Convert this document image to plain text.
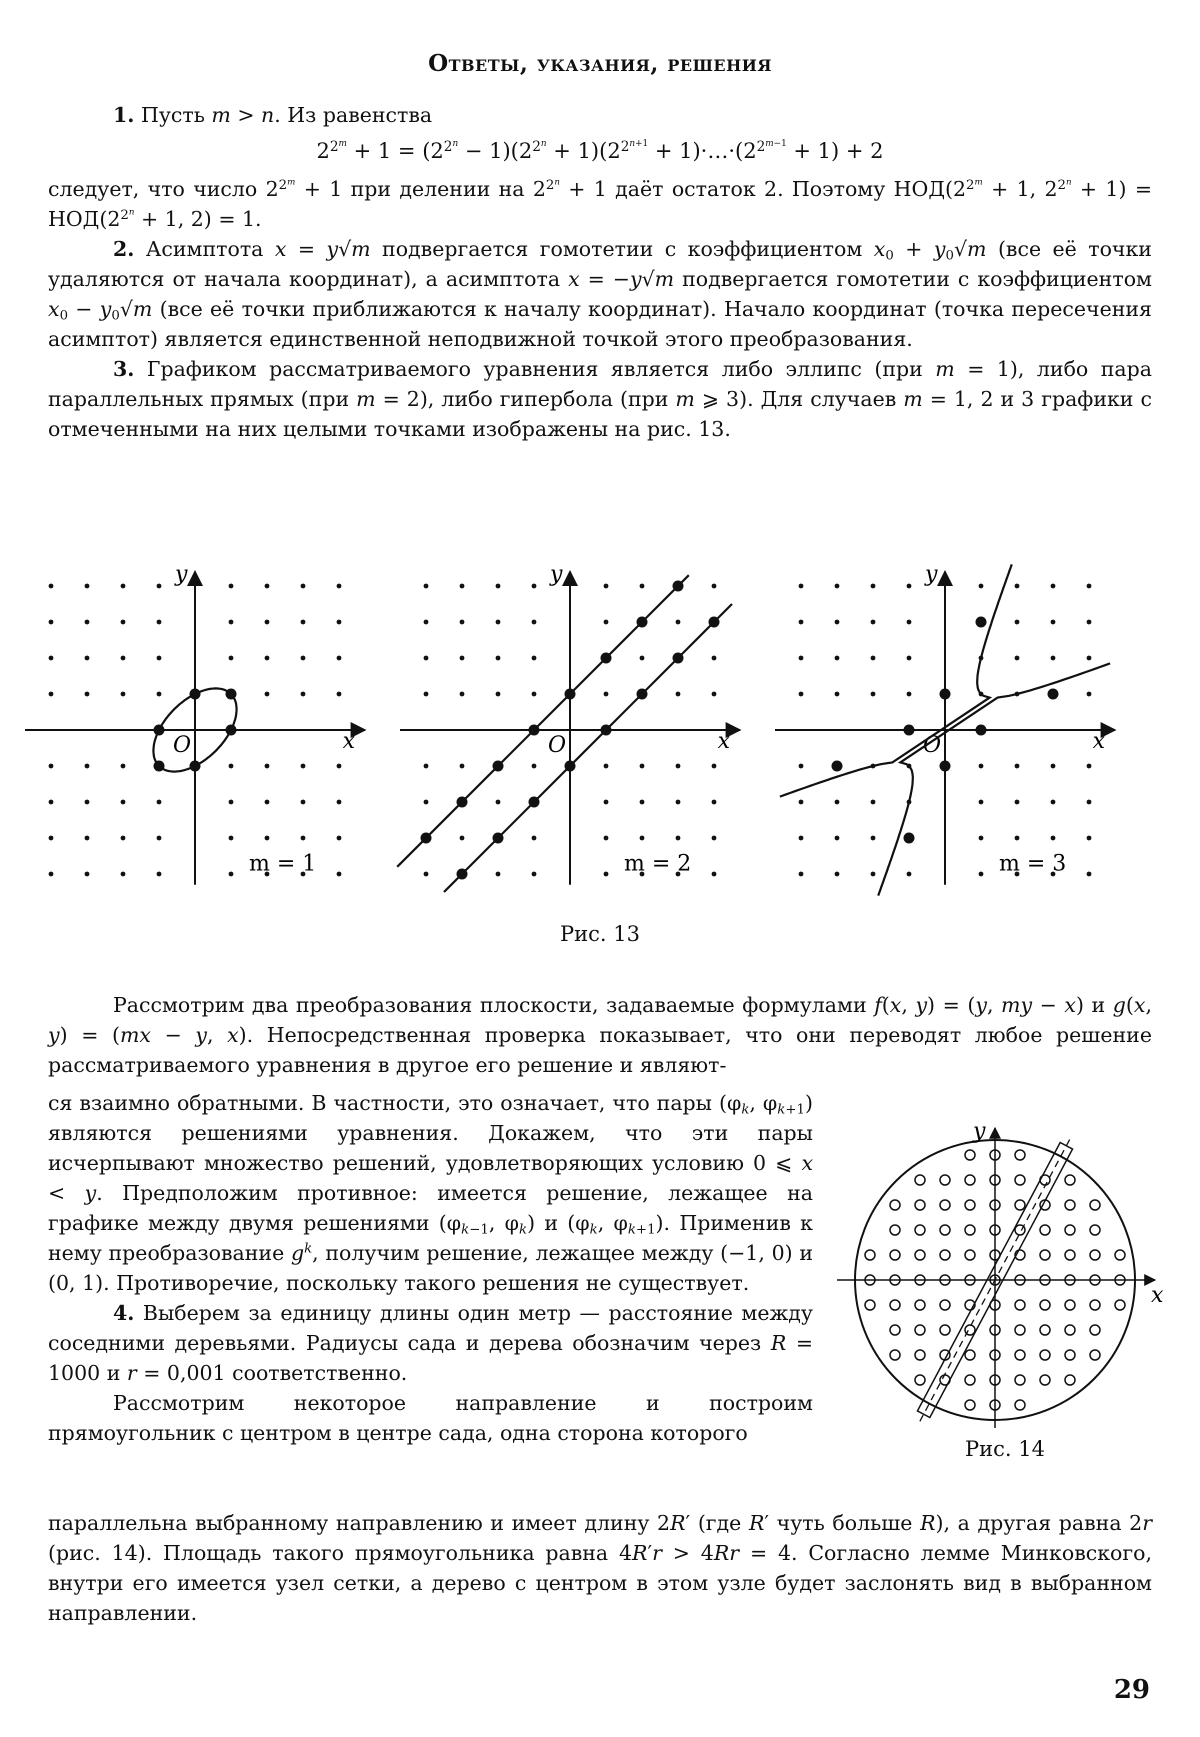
Ответы, указания, решения

1. Пусть m > n. Из равенства

22m + 1 = (22n − 1)(22n + 1)(22n+1 + 1)·…·(22m−1 + 1) + 2

следует, что число 22m + 1 при делении на 22n + 1 даёт остаток 2. Поэтому НОД(22m + 1, 22n + 1) = НОД(22n + 1, 2) = 1.

2. Асимптота x = y√m подвергается гомотетии с коэффициентом x0 + y0√m (все её точки удаляются от начала координат), а асимптота x = −y√m подвергается гомотетии с коэффициентом x0 − y0√m (все её точки приближаются к началу координат). Начало координат (точка пересечения асимптот) является единственной неподвижной точкой этого преобразования.

3. Графиком рассматриваемого уравнения является либо эллипс (при m = 1), либо пара параллельных прямых (при m = 2), либо гипербола (при m ⩾ 3). Для случаев m = 1, 2 и 3 графики с отмеченными на них целыми точками изображены на рис. 13.

x
y
O
m = 1
x
y
O
m = 2
x
y
O
m = 3
Рис. 13

Рассмотрим два преобразования плоскости, задаваемые формулами f(x, y) = (y, my − x) и g(x, y) = (mx − y, x). Непосредственная проверка показывает, что они переводят любое решение рассматриваемого уравнения в другое его решение и являют-

ся взаимно обратными. В частности, это означает, что пары (φk, φk+1) являются решениями уравнения. Докажем, что эти пары исчерпывают множество решений, удовлетворяющих условию 0 ⩽ x < y. Предположим противное: имеется решение, лежащее на графике между двумя решениями (φk−1, φk) и (φk, φk+1). Применив к нему преобразование gk, получим решение, лежащее между (−1, 0) и (0, 1). Противоречие, поскольку такого решения не существует.

4. Выберем за единицу длины один метр — расстояние между соседними деревьями. Радиусы сада и дерева обозначим через R = 1000 и r = 0,001 соответственно.

Рассмотрим некоторое направление и построим прямоугольник с центром в центре сада, одна сторона которого

x
y
Рис. 14

параллельна выбранному направлению и имеет длину 2R′ (где R′ чуть больше R), а другая равна 2r (рис. 14). Площадь такого прямоугольника равна 4R′r > 4Rr = 4. Согласно лемме Минковского, внутри его имеется узел сетки, а дерево с центром в этом узле будет заслонять вид в выбранном направлении.

29
